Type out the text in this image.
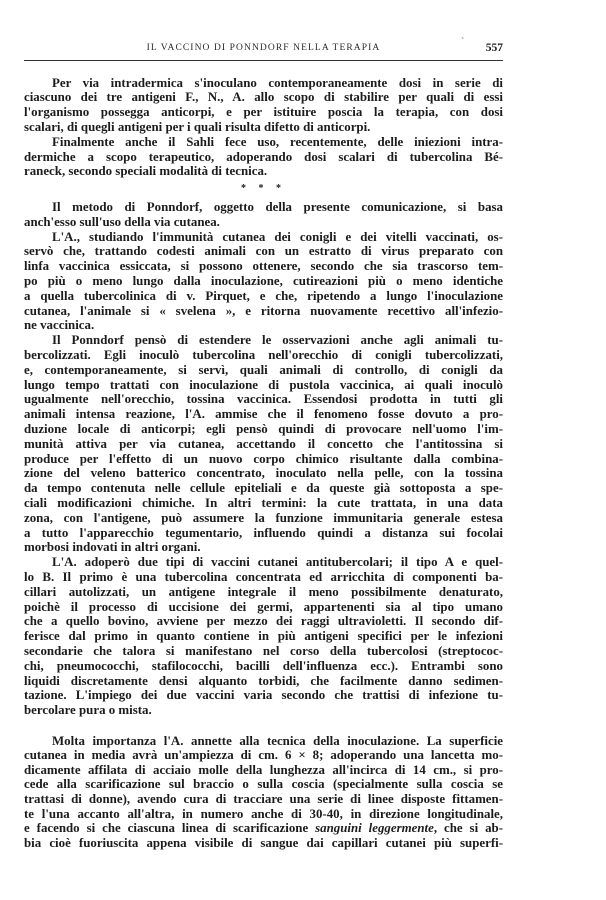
IL VACCINO DI PONNDORF NELLA TERAPIA	` 557
Per via intradermica s'inoculano contemporaneamente dosi in serie di
ciascuno dei tre antigeni F., N., A. allo scopo di stabilire per quali di essi
l'organismo possegga anticorpi, e per istituire poscia la terapia, con dosi
scalari, di quegli antigeni per i quali risulta difetto di anticorpi.
Finalmente anche il Sahli fece uso, recentemente, delle iniezioni intra-
dermiche a scopo terapeutico, adoperando dosi scalari di tubercolina Bé-
raneck, secondo speciali modalità di tecnica.
* * *
Il metodo di Ponndorf, oggetto della presente comunicazione, si basa
anch'esso sull'uso della via cutanea.
L'A., studiando l'immunità cutanea dei conigli e dei vitelli vaccinati, os-
servò che, trattando codesti animali con un estratto di virus preparato con
linfa vaccinica essiccata, si possono ottenere, secondo che sia trascorso tem-
po più o meno lungo dalla inoculazione, cutireazioni più o meno identiche
a quella tubercolinica di v. Pirquet, e che, ripetendo a lungo l'inoculazione
cutanea, l'animale si « svelena », e ritorna nuovamente recettivo all'infezio-
ne vaccinica.
Il Ponndorf pensò di estendere le osservazioni anche agli animali tu-
bercolizzati. Egli inoculò tubercolina nell'orecchio di conigli tubercolizzati,
e, contemporaneamente, si servì, quali animali di controllo, di conigli da
lungo tempo trattati con inoculazione di pustola vaccinica, ai quali inoculò
ugualmente nell'orecchio, tossina vaccinica. Essendosi prodotta in tutti gli
animali intensa reazione, l'A. ammise che il fenomeno fosse dovuto a pro-
duzione locale di anticorpi; egli pensò quindi di provocare nell'uomo l'im-
munità attiva per via cutanea, accettando il concetto che l'antitossina si
produce per l'effetto di un nuovo corpo chimico risultante dalla combina-
zione del veleno batterico concentrato, inoculato nella pelle, con la tossina
da tempo contenuta nelle cellule epiteliali e da queste già sottoposta a spe-
ciali modificazioni chimiche. In altri termini: la cute trattata, in una data
zona, con l'antigene, può assumere la funzione immunitaria generale estesa
a tutto l'apparecchio tegumentario, influendo quindi a distanza sui focolai
morbosi indovati in altri organi.
L'A. adoperò due tipi di vaccini cutanei antitubercolari; il tipo A e quel-
lo B. Il primo è una tubercolina concentrata ed arricchita di componenti ba-
cillari autolizzati, un antigene integrale il meno possibilmente denaturato,
poichè il processo di uccisione dei germi, appartenenti sia al tipo umano
che a quello bovino, avviene per mezzo dei raggi ultravioletti. Il secondo dif-
ferisce dal primo in quanto contiene in più antigeni specifici per le infezioni
secondarie che talora si manifestano nel corso della tubercolosi (streptococ-
chi, pneumococchi, stafilococchi, bacilli dell'influenza ecc.). Entrambi sono
liquidi discretamente densi alquanto torbidi, che facilmente danno sedimen-
tazione. L'impiego dei due vaccini varia secondo che trattisi di infezione tu-
bercolare pura o mista.
Molta importanza l'A. annette alla tecnica della inoculazione. La superficie
cutanea in media avrà un'ampiezza di cm. 6 × 8; adoperando una lancetta mo-
dicamente affilata di acciaio molle della lunghezza all'incirca di 14 cm., si pro-
cede alla scarificazione sul braccio o sulla coscia (specialmente sulla coscia se
trattasi di donne), avendo cura di tracciare una serie di linee disposte fittamen-
te l'una accanto all'altra, in numero anche di 30-40, in direzione longitudinale,
e facendo si che ciascuna linea di scarificazione sanguini leggermente, che si ab-
bia cioè fuoriuscita appena visibile di sangue dai capillari cutanei più superfi-
